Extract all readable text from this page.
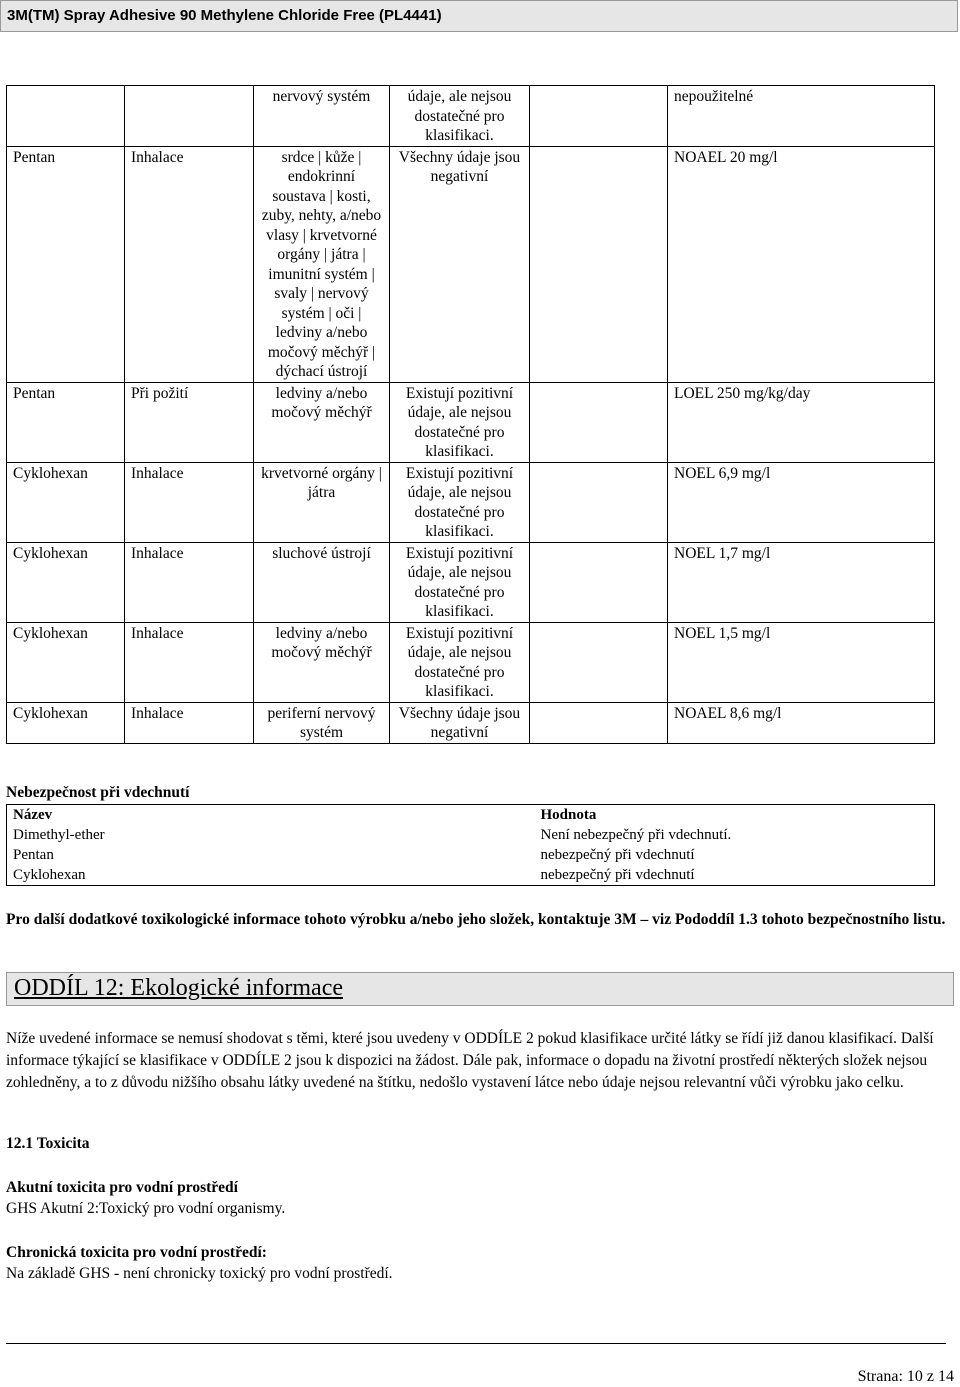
3M(TM) Spray Adhesive 90 Methylene Chloride Free (PL4441)
		nervový systém	údaje, ale nejsou dostatečné pro klasifikaci.		nepoužitelné
Pentan	Inhalace	srdce | kůže | endokrinní soustava | kosti, zuby, nehty, a/nebo vlasy | krvetvorné orgány | játra | imunitní systém | svaly | nervový systém | oči | ledviny a/nebo močový měchýř | dýchací ústrojí	Všechny údaje jsou negativní		NOAEL 20 mg/l
Pentan	Při požití	ledviny a/nebo močový měchýř	Existují pozitivní údaje, ale nejsou dostatečné pro klasifikaci.		LOEL 250 mg/kg/day
Cyklohexan	Inhalace	krvetvorné orgány | játra	Existují pozitivní údaje, ale nejsou dostatečné pro klasifikaci.		NOEL 6,9 mg/l
Cyklohexan	Inhalace	sluchové ústrojí	Existují pozitivní údaje, ale nejsou dostatečné pro klasifikaci.		NOEL 1,7 mg/l
Cyklohexan	Inhalace	ledviny a/nebo močový měchýř	Existují pozitivní údaje, ale nejsou dostatečné pro klasifikaci.		NOEL 1,5 mg/l
Cyklohexan	Inhalace	periferní nervový systém	Všechny údaje jsou negativní		NOAEL 8,6 mg/l
Nebezpečnost při vdechnutí
Název	Hodnota
Dimethyl-ether	Není nebezpečný při vdechnutí.
Pentan	nebezpečný při vdechnutí
Cyklohexan	nebezpečný při vdechnutí
Pro další dodatkové toxikologické informace tohoto výrobku a/nebo jeho složek, kontaktuje 3M – viz Pododdíl 1.3 tohoto bezpečnostního listu.
ODDÍL 12: Ekologické informace
Níže uvedené informace se nemusí shodovat s těmi, které jsou uvedeny v ODDÍLE 2 pokud klasifikace určité látky se řídí již danou klasifikací. Další informace týkající se klasifikace v ODDÍLE 2 jsou k dispozici na žádost. Dále pak, informace o dopadu na životní prostředí některých složek nejsou zohledněny, a to z důvodu nižšího obsahu látky uvedené na štítku, nedošlo vystavení látce nebo údaje nejsou relevantní vůči výrobku jako celku.
12.1 Toxicita
Akutní toxicita pro vodní prostředí
GHS Akutní 2:Toxický pro vodní organismy.
Chronická toxicita pro vodní prostředí:
Na základě GHS - není chronicky toxický pro vodní prostředí.
Strana: 10 z 14
